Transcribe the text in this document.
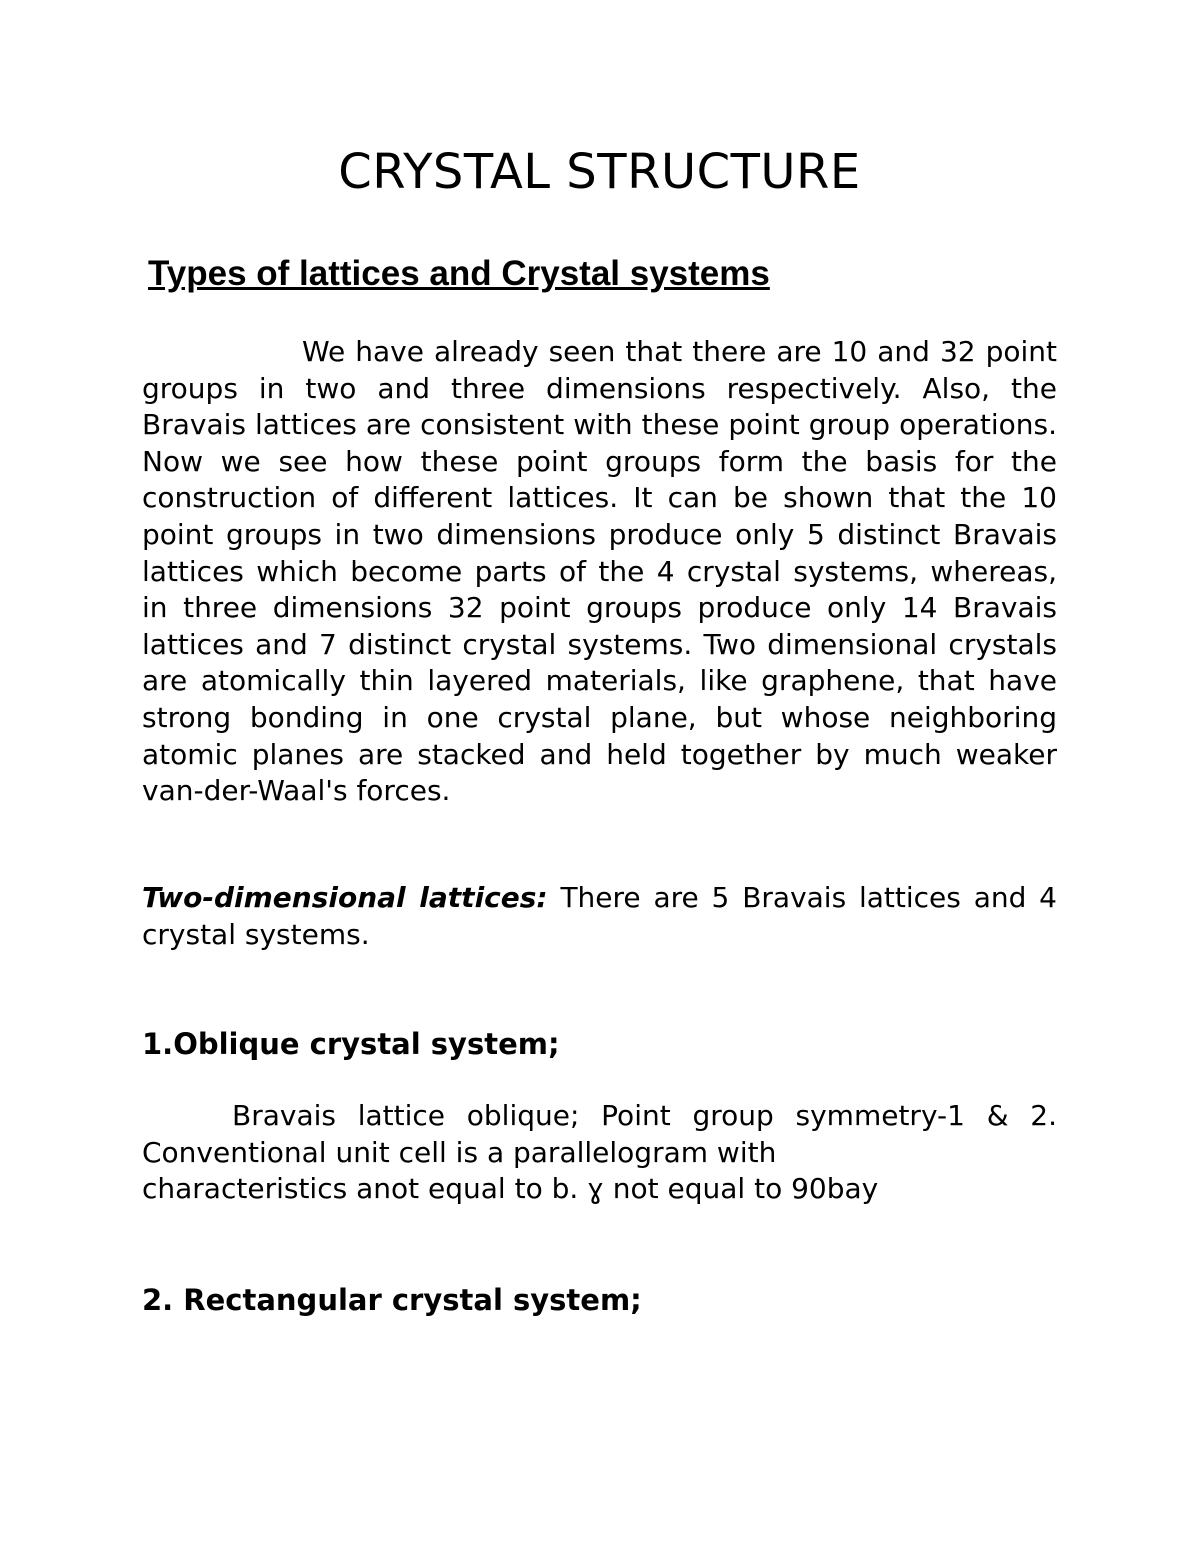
CRYSTAL STRUCTURE
Types of lattices and Crystal systems

We have already seen that there are 10 and 32 point groups in two and three dimensions respectively. Also, the Bravais lattices are consistent with these point group operations. Now we see how these point groups form the basis for the construction of different lattices. It can be shown that the 10 point groups in two dimensions produce only 5 distinct Bravais lattices which become parts of the 4 crystal systems, whereas, in three dimensions 32 point groups produce only 14 Bravais lattices and 7 distinct crystal systems. Two dimensional crystals are atomically thin layered materials, like graphene, that have strong bonding in one crystal plane, but whose neighboring atomic planes are stacked and held together by much weaker van-der-Waal's forces.

Two-dimensional lattices: There are 5 Bravais lattices and 4 crystal systems.

1.Oblique crystal system;

Bravais lattice oblique; Point group symmetry-1 & 2. Conventional unit cell is a parallelogram with

characteristics anot equal to b. ɣ not equal to 90bay

2. Rectangular crystal system;
